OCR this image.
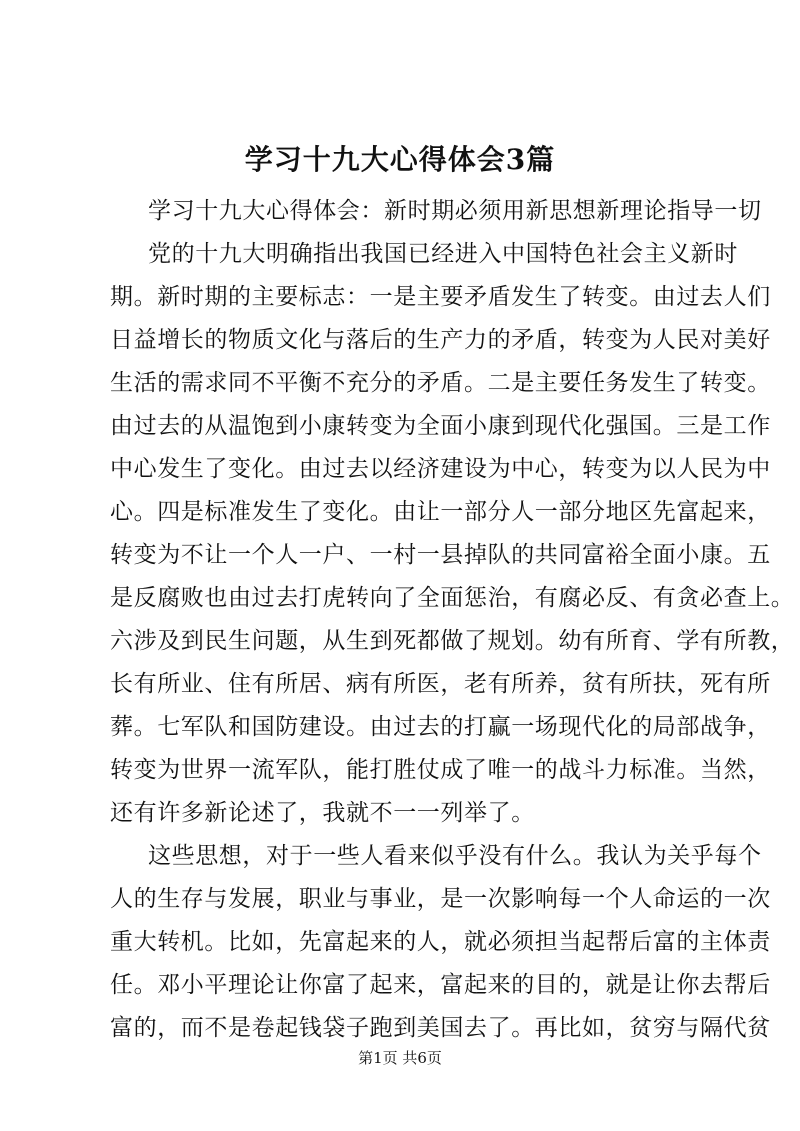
学习十九大心得体会3篇
学习十九大心得体会：新时期必须用新思想新理论指导一切
党的十九大明确指出我国已经进入中国特色社会主义新时
期。新时期的主要标志：一是主要矛盾发生了转变。由过去人们
日益增长的物质文化与落后的生产力的矛盾，转变为人民对美好
生活的需求同不平衡不充分的矛盾。二是主要任务发生了转变。
由过去的从温饱到小康转变为全面小康到现代化强国。三是工作
中心发生了变化。由过去以经济建设为中心，转变为以人民为中
心。四是标准发生了变化。由让一部分人一部分地区先富起来，
转变为不让一个人一户、一村一县掉队的共同富裕全面小康。五
是反腐败也由过去打虎转向了全面惩治，有腐必反、有贪必查上。
六涉及到民生问题，从生到死都做了规划。幼有所育、学有所教，
长有所业、住有所居、病有所医，老有所养，贫有所扶，死有所
葬。七军队和国防建设。由过去的打赢一场现代化的局部战争，
转变为世界一流军队，能打胜仗成了唯一的战斗力标准。当然，
还有许多新论述了，我就不一一列举了。
这些思想，对于一些人看来似乎没有什么。我认为关乎每个
人的生存与发展，职业与事业，是一次影响每一个人命运的一次
重大转机。比如，先富起来的人，就必须担当起帮后富的主体责
任。邓小平理论让你富了起来，富起来的目的，就是让你去帮后
富的，而不是卷起钱袋子跑到美国去了。再比如，贫穷与隔代贫
第1页 共6页
